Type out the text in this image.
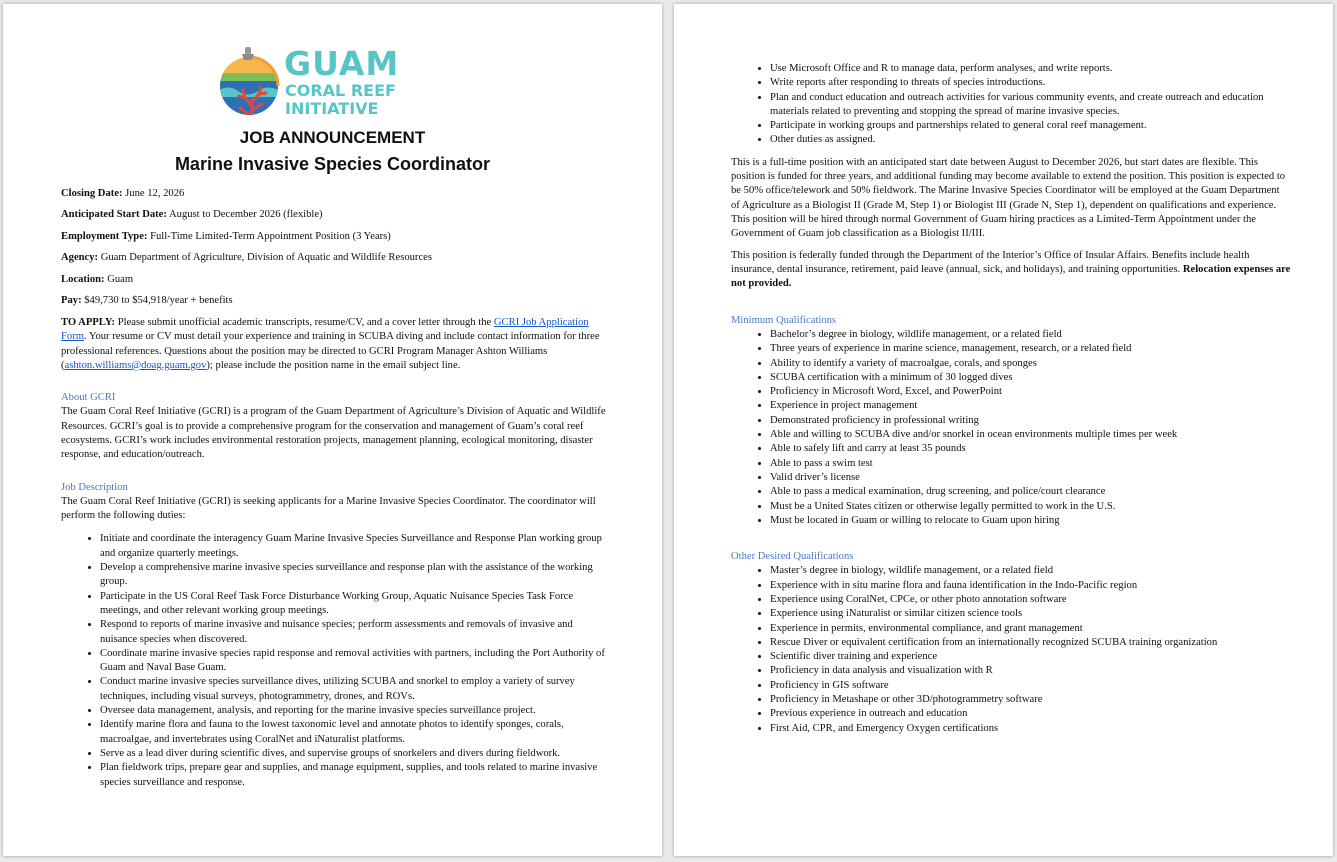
GUAM
CORAL REEF
INITIATIVE
JOB ANNOUNCEMENT
Marine Invasive Species Coordinator
Closing Date: June 12, 2026
Anticipated Start Date: August to December 2026 (flexible)
Employment Type: Full-Time Limited-Term Appointment Position (3 Years)
Agency: Guam Department of Agriculture, Division of Aquatic and Wildlife Resources
Location: Guam
Pay: $49,730 to $54,918/year + benefits
TO APPLY: Please submit unofficial academic transcripts, resume/CV, and a cover letter through the GCRI Job Application Form. Your resume or CV must detail your experience and training in SCUBA diving and include contact information for three professional references. Questions about the position may be directed to GCRI Program Manager Ashton Williams (ashton.williams@doag.guam.gov); please include the position name in the email subject line.
About GCRI
The Guam Coral Reef Initiative (GCRI) is a program of the Guam Department of Agriculture’s Division of Aquatic and Wildlife Resources. GCRI’s goal is to provide a comprehensive program for the conservation and management of Guam’s coral reef ecosystems. GCRI’s work includes environmental restoration projects, management planning, ecological monitoring, disaster response, and education/outreach.
Job Description
The Guam Coral Reef Initiative (GCRI) is seeking applicants for a Marine Invasive Species Coordinator. The coordinator will perform the following duties:
• Initiate and coordinate the interagency Guam Marine Invasive Species Surveillance and Response Plan working group and organize quarterly meetings.
• Develop a comprehensive marine invasive species surveillance and response plan with the assistance of the working group.
• Participate in the US Coral Reef Task Force Disturbance Working Group, Aquatic Nuisance Species Task Force meetings, and other relevant working group meetings.
• Respond to reports of marine invasive and nuisance species; perform assessments and removals of invasive and nuisance species when discovered.
• Coordinate marine invasive species rapid response and removal activities with partners, including the Port Authority of Guam and Naval Base Guam.
• Conduct marine invasive species surveillance dives, utilizing SCUBA and snorkel to employ a variety of survey techniques, including visual surveys, photogrammetry, drones, and ROVs.
• Oversee data management, analysis, and reporting for the marine invasive species surveillance project.
• Identify marine flora and fauna to the lowest taxonomic level and annotate photos to identify sponges, corals, macroalgae, and invertebrates using CoralNet and iNaturalist platforms.
• Serve as a lead diver during scientific dives, and supervise groups of snorkelers and divers during fieldwork.
• Plan fieldwork trips, prepare gear and supplies, and manage equipment, supplies, and tools related to marine invasive species surveillance and response.
• Use Microsoft Office and R to manage data, perform analyses, and write reports.
• Write reports after responding to threats of species introductions.
• Plan and conduct education and outreach activities for various community events, and create outreach and education materials related to preventing and stopping the spread of marine invasive species.
• Participate in working groups and partnerships related to general coral reef management.
• Other duties as assigned.
This is a full-time position with an anticipated start date between August to December 2026, but start dates are flexible. This position is funded for three years, and additional funding may become available to extend the position. This position is expected to be 50% office/telework and 50% fieldwork. The Marine Invasive Species Coordinator will be employed at the Guam Department of Agriculture as a Biologist II (Grade M, Step 1) or Biologist III (Grade N, Step 1), dependent on qualifications and experience. This position will be hired through normal Government of Guam hiring practices as a Limited-Term Appointment under the Government of Guam job classification as a Biologist II/III.
This position is federally funded through the Department of the Interior’s Office of Insular Affairs. Benefits include health insurance, dental insurance, retirement, paid leave (annual, sick, and holidays), and training opportunities. Relocation expenses are not provided.
Minimum Qualifications
• Bachelor’s degree in biology, wildlife management, or a related field
• Three years of experience in marine science, management, research, or a related field
• Ability to identify a variety of macroalgae, corals, and sponges
• SCUBA certification with a minimum of 30 logged dives
• Proficiency in Microsoft Word, Excel, and PowerPoint
• Experience in project management
• Demonstrated proficiency in professional writing
• Able and willing to SCUBA dive and/or snorkel in ocean environments multiple times per week
• Able to safely lift and carry at least 35 pounds
• Able to pass a swim test
• Valid driver’s license
• Able to pass a medical examination, drug screening, and police/court clearance
• Must be a United States citizen or otherwise legally permitted to work in the U.S.
• Must be located in Guam or willing to relocate to Guam upon hiring
Other Desired Qualifications
• Master’s degree in biology, wildlife management, or a related field
• Experience with in situ marine flora and fauna identification in the Indo-Pacific region
• Experience using CoralNet, CPCe, or other photo annotation software
• Experience using iNaturalist or similar citizen science tools
• Experience in permits, environmental compliance, and grant management
• Rescue Diver or equivalent certification from an internationally recognized SCUBA training organization
• Scientific diver training and experience
• Proficiency in data analysis and visualization with R
• Proficiency in GIS software
• Proficiency in Metashape or other 3D/photogrammetry software
• Previous experience in outreach and education
• First Aid, CPR, and Emergency Oxygen certifications
